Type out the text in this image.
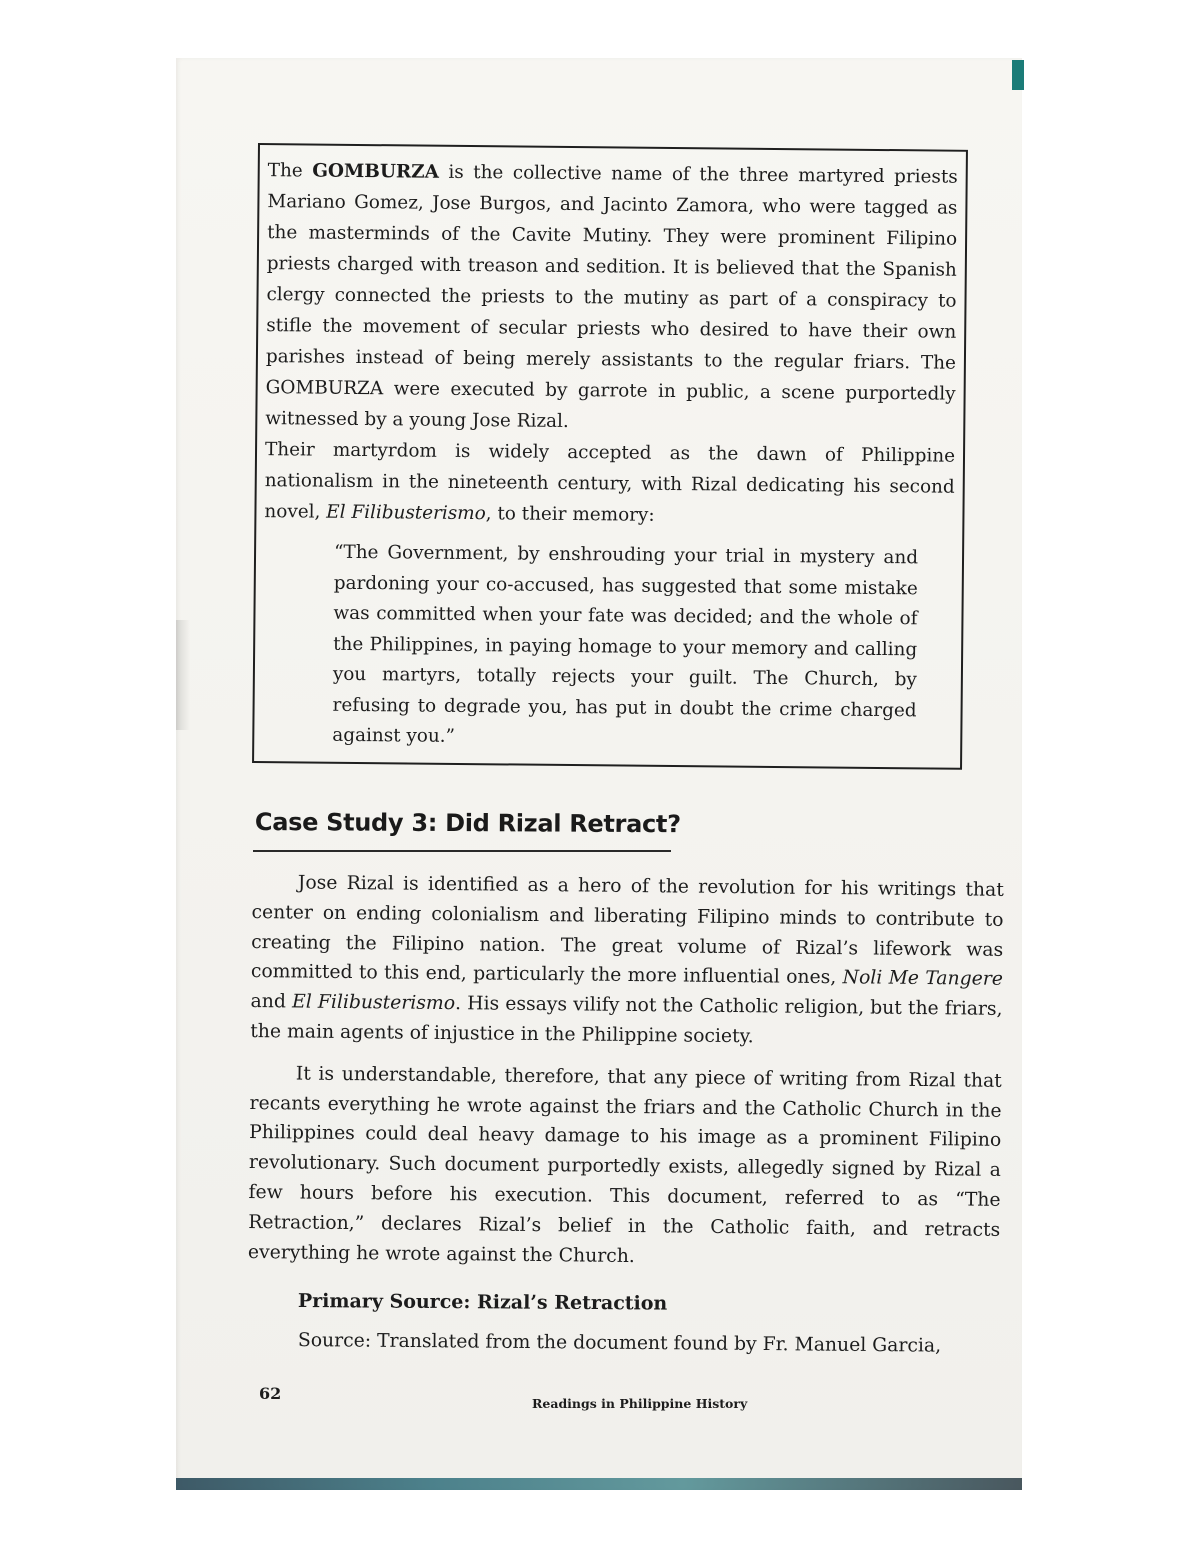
The GOMBURZA is the collective name of the three martyred priests Mariano Gomez, Jose Burgos, and Jacinto Zamora, who were tagged as the masterminds of the Cavite Mutiny. They were prominent Filipino priests charged with treason and sedition. It is believed that the Spanish clergy connected the priests to the mutiny as part of a conspiracy to stifle the movement of secular priests who desired to have their own parishes instead of being merely assistants to the regular friars. The GOMBURZA were executed by garrote in public, a scene purportedly witnessed by a young Jose Rizal.

Their martyrdom is widely accepted as the dawn of Philippine nationalism in the nineteenth century, with Rizal dedicating his second novel, El Filibusterismo, to their memory:

“The Government, by enshrouding your trial in mystery and pardoning your co-accused, has suggested that some mistake was committed when your fate was decided; and the whole of the Philippines, in paying homage to your memory and calling you martyrs, totally rejects your guilt. The Church, by refusing to degrade you, has put in doubt the crime charged against you.”
Case Study 3: Did Rizal Retract?

Jose Rizal is identified as a hero of the revolution for his writings that center on ending colonialism and liberating Filipino minds to contribute to creating the Filipino nation. The great volume of Rizal’s lifework was committed to this end, particularly the more influential ones, Noli Me Tangere and El Filibusterismo. His essays vilify not the Catholic religion, but the friars, the main agents of injustice in the Philippine society.

It is understandable, therefore, that any piece of writing from Rizal that recants everything he wrote against the friars and the Catholic Church in the Philippines could deal heavy damage to his image as a prominent Filipino revolutionary. Such document purportedly exists, allegedly signed by Rizal a few hours before his execution. This document, referred to as “The Retraction,” declares Rizal’s belief in the Catholic faith, and retracts everything he wrote against the Church.

Primary Source: Rizal’s Retraction
Source: Translated from the document found by Fr. Manuel Garcia,
62
Readings in Philippine History
